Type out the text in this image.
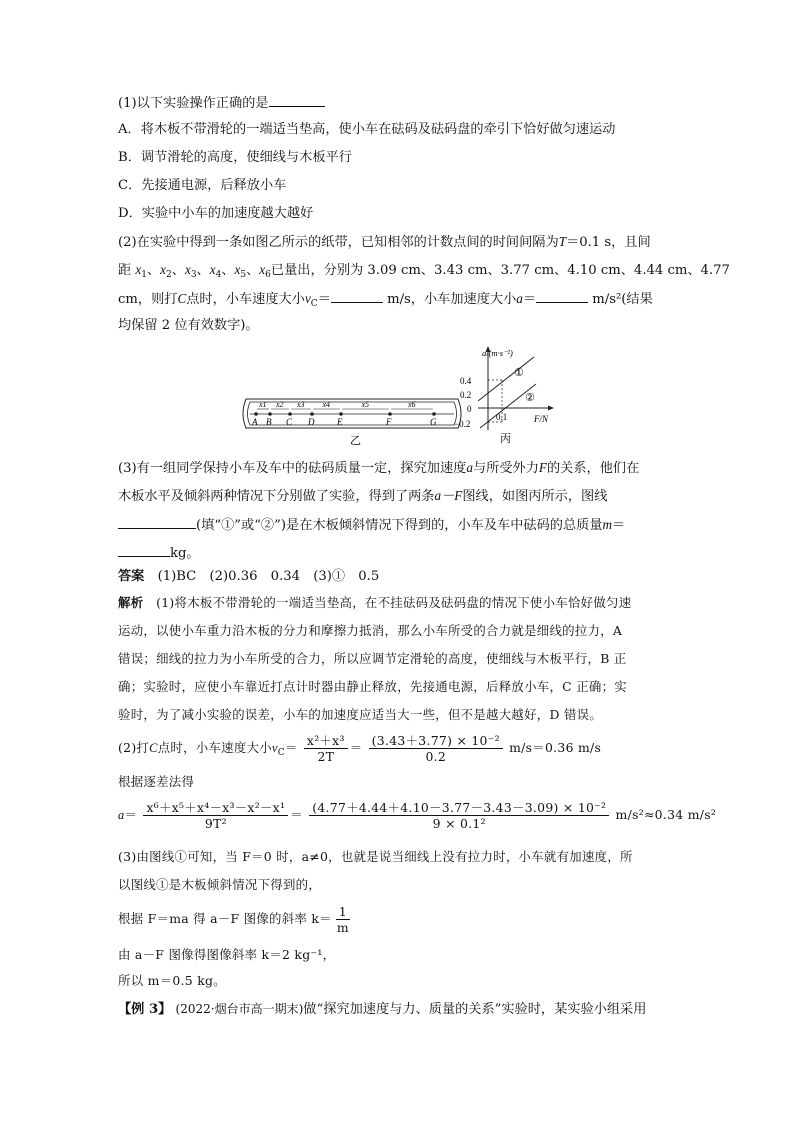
(1)以下实验操作正确的是
A．将木板不带滑轮的一端适当垫高，使小车在砝码及砝码盘的牵引下恰好做匀速运动
B．调节滑轮的高度，使细线与木板平行
C．先接通电源，后释放小车
D．实验中小车的加速度越大越好
(2)在实验中得到一条如图乙所示的纸带，已知相邻的计数点间的时间间隔为T＝0.1 s，且间
距 $x_1$、$x_2$、$x_3$、$x_4$、$x_5$、$x_6$已量出，分别为 3.09 cm、3.43 cm、3.77 cm、4.10 cm、4.44 cm、4.77
cm，则打C点时，小车速度大小$v_C=$	m/s，小车加速度大小a＝	m/s²(结果
均保留 2 位有效数字)。
A B C D	E	F	G
x1 x2 x3 x4	x5	x6
乙
a/(m·s⁻²)
0.4
0.2
0
−0.2
0.1	F/N
①
②
丙
(3)有一组同学保持小车及车中的砝码质量一定，探究加速度a与所受外力F的关系，他们在
木板水平及倾斜两种情况下分别做了实验，得到了两条a－F图线，如图丙所示，图线
(填“①”或“②”)是在木板倾斜情况下得到的，小车及车中砝码的总质量m＝
kg。
答案　 (1)BC　(2)0.36　0.34　(3)①　0.5
解析　 (1)将木板不带滑轮的一端适当垫高，在不挂砝码及砝码盘的情况下使小车恰好做匀速
运动，以使小车重力沿木板的分力和摩擦力抵消，那么小车所受的合力就是细线的拉力，A
错误；细线的拉力为小车所受的合力，所以应调节定滑轮的高度，使细线与木板平行，B 正
确；实验时，应使小车靠近打点计时器由静止释放，先接通电源，后释放小车，C 正确；实
验时，为了减小实验的误差，小车的加速度应适当大一些，但不是越大越好，D 错误。
(2)打C点时，小车速度大小$v_C= \frac{\text{x²＋x³}}{2T} = \frac{\text{(3.43＋3.77) × 10⁻²}}{0.2} m/s=0.36$ m/s
根据逐差法得
$a= \frac{\text{x⁶＋x⁵＋x⁴－x³－x²－x¹}}{\text{9T²}} = \frac{\text{(4.77＋4.44＋4.10－3.77－3.43－3.09) × 10⁻²}}{\text{9 × 0.1²}} m/s^2\approx 0.34$ m/s²
(3)由图线①可知，当 F＝0 时，a≠0，也就是说当细线上没有拉力时，小车就有加速度，所
以图线①是木板倾斜情况下得到的，
根据 F＝ma 得 a－F 图像的斜率 $k= \frac{1}{m}$
由 a－F 图像得图像斜率 k＝2 kg⁻¹，
所以 m＝0.5 kg。
【例 3】 (2022·烟台市高一期末)做“探究加速度与力、质量的关系”实验时，某实验小组采用
